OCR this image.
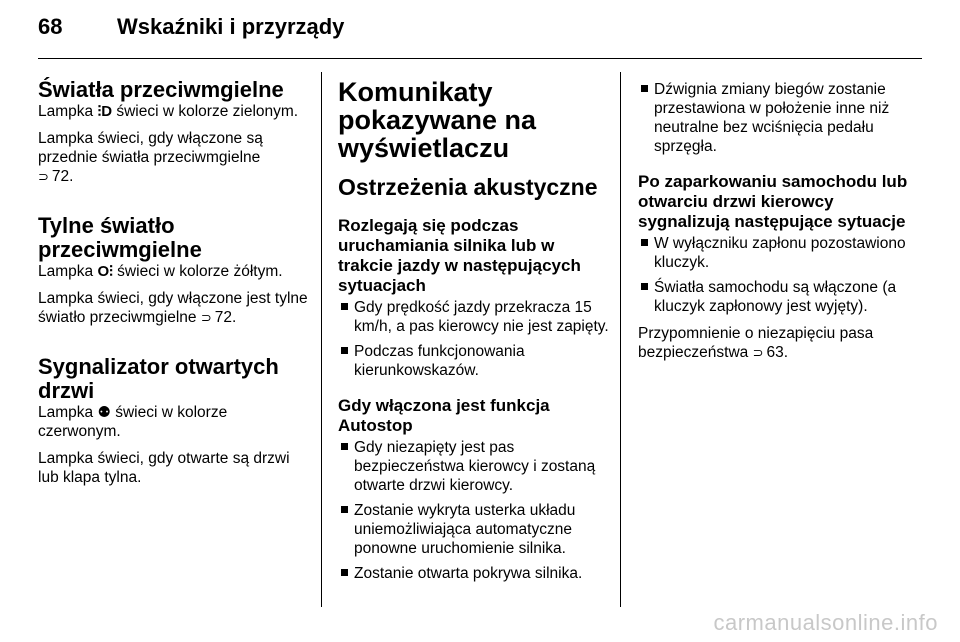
68 Wskaźniki i przyrządy
Światła przeciwmgielne

Lampka ⫶D świeci w kolorze zielonym.

Lampka świeci, gdy włączone są przednie światła przeciwmgielne
⊃ 72.

Tylne światło przeciwmgielne

Lampka O⫶ świeci w kolorze żółtym.

Lampka świeci, gdy włączone jest tylne światło przeciwmgielne ⊃ 72.

Sygnalizator otwartych drzwi

Lampka ⚉ świeci w kolorze czerwonym.

Lampka świeci, gdy otwarte są drzwi lub klapa tylna.

Komunikaty pokazywane na wyświetlaczu
Ostrzeżenia akustyczne
Rozlegają się podczas uruchamiania silnika lub w trakcie jazdy w następujących sytuacjach
Gdy prędkość jazdy przekracza 15 km/h, a pas kierowcy nie jest zapięty.
Podczas funkcjonowania kierunkowskazów.
Gdy włączona jest funkcja Autostop
Gdy niezapięty jest pas bezpieczeństwa kierowcy i zostaną otwarte drzwi kierowcy.
Zostanie wykryta usterka układu uniemożliwiająca automatyczne ponowne uruchomienie silnika.
Zostanie otwarta pokrywa silnika.
Dźwignia zmiany biegów zostanie przestawiona w położenie inne niż neutralne bez wciśnięcia pedału sprzęgła.
Po zaparkowaniu samochodu lub otwarciu drzwi kierowcy sygnalizują następujące sytuacje
W wyłączniku zapłonu pozostawiono kluczyk.
Światła samochodu są włączone (a kluczyk zapłonowy jest wyjęty).

Przypomnienie o niezapięciu pasa bezpieczeństwa ⊃ 63.

carmanualsonline.info
